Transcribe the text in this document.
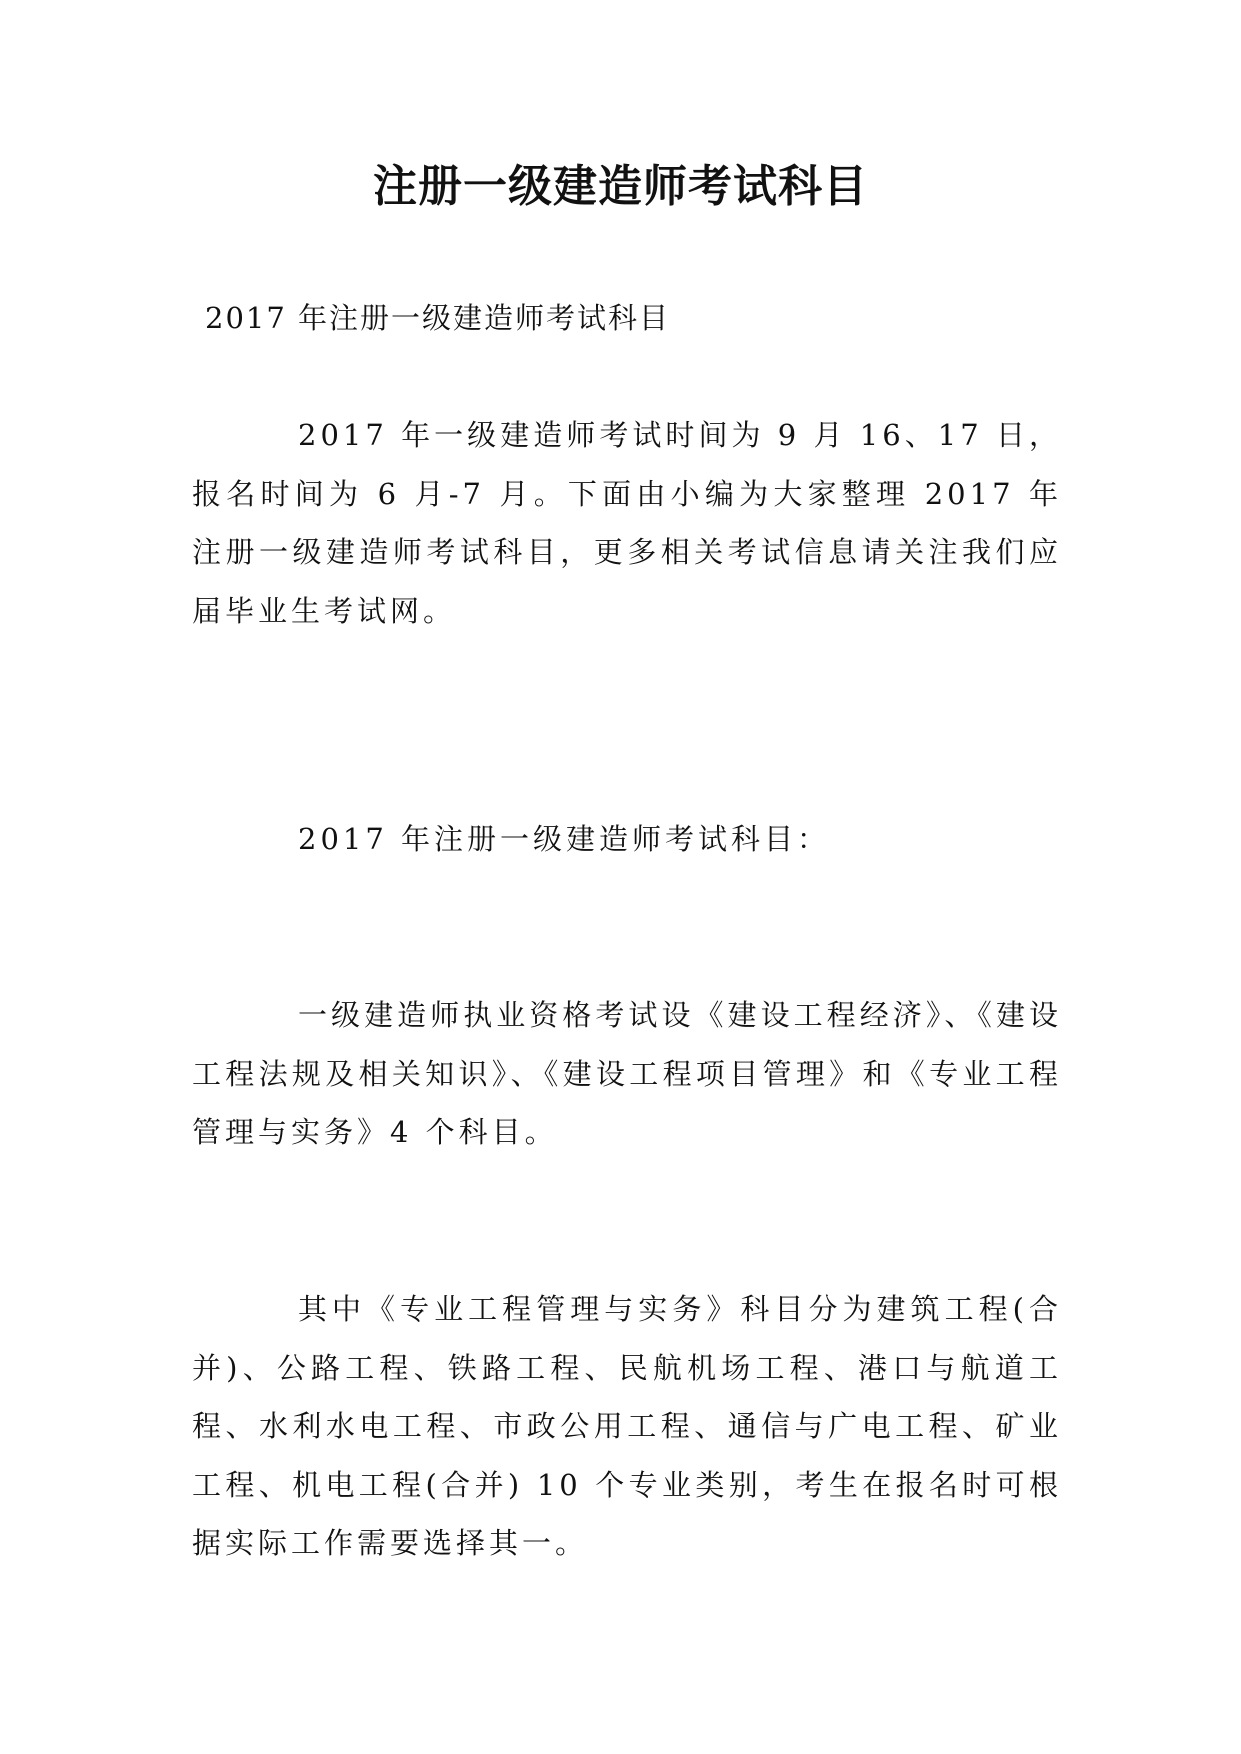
注册一级建造师考试科目

2017 年注册一级建造师考试科目

2017 年一级建造师考试时间为 9 月 16、17 日，报名时间为 6 月-7 月。下面由小编为大家整理 2017 年注册一级建造师考试科目，更多相关考试信息请关注我们应届毕业生考试网。

2017 年注册一级建造师考试科目：

一级建造师执业资格考试设《建设工程经济》、《建设工程法规及相关知识》、《建设工程项目管理》和《专业工程管理与实务》4 个科目。

其中《专业工程管理与实务》科目分为建筑工程(合并)、公路工程、铁路工程、民航机场工程、港口与航道工程、水利水电工程、市政公用工程、通信与广电工程、矿业工程、机电工程(合并) 10 个专业类别，考生在报名时可根据实际工作需要选择其一。
